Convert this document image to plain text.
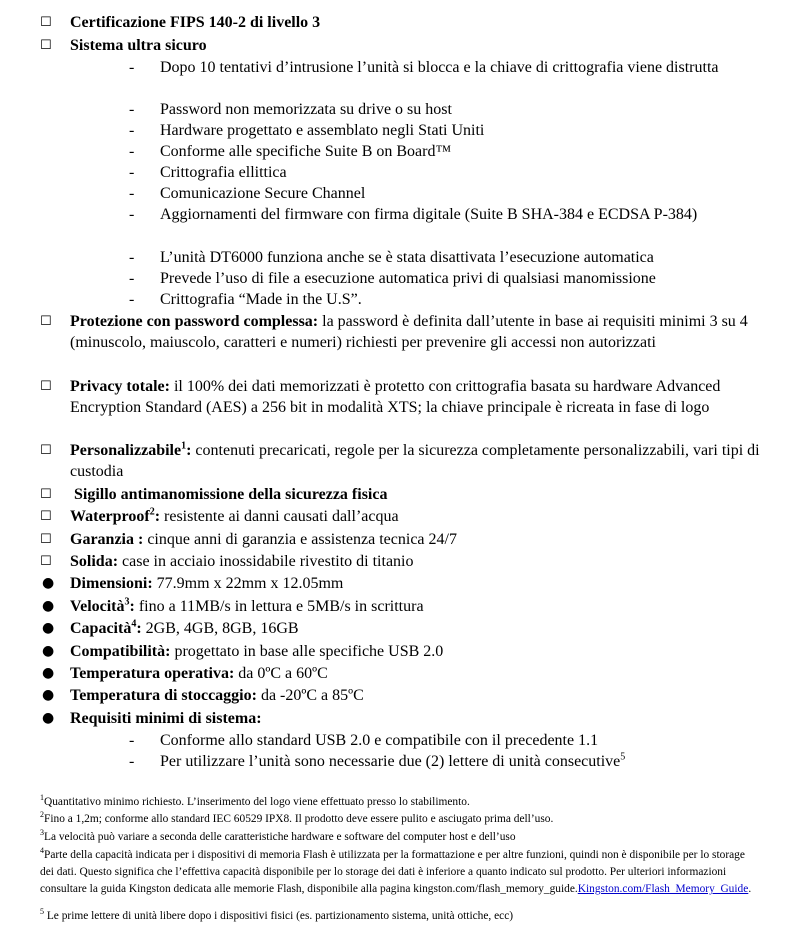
☐ Certificazione FIPS 140-2 di livello 3
☐ Sistema ultra sicuro
- Dopo 10 tentativi d’intrusione l’unità si blocca e la chiave di crittografia viene distrutta
- Password non memorizzata su drive o su host
- Hardware progettato e assemblato negli Stati Uniti
- Conforme alle specifiche Suite B on Board™
- Crittografia ellittica
- Comunicazione Secure Channel
- Aggiornamenti del firmware con firma digitale (Suite B SHA-384 e ECDSA P-384)
- L’unità DT6000 funziona anche se è stata disattivata l’esecuzione automatica
- Prevede l’uso di file a esecuzione automatica privi di qualsiasi manomissione
- Crittografia “Made in the U.S”.
☐ Protezione con password complessa: la password è definita dall’utente in base ai requisiti minimi 3 su 4 (minuscolo, maiuscolo, caratteri e numeri) richiesti per prevenire gli accessi non autorizzati
☐ Privacy totale: il 100% dei dati memorizzati è protetto con crittografia basata su hardware Advanced Encryption Standard (AES) a 256 bit in modalità XTS; la chiave principale è ricreata in fase di logo
☐ Personalizzabile$^1$: contenuti precaricati, regole per la sicurezza completamente personalizzabili, vari tipi di custodia
☐ Sigillo antimanomissione della sicurezza fisica
☐ Waterproof$^2$: resistente ai danni causati dall’acqua
☐ Garanzia : cinque anni di garanzia e assistenza tecnica 24/7
☐ Solida: case in acciaio inossidabile rivestito di titanio
● Dimensioni: 77.9mm x 22mm x 12.05mm
● Velocità$^3$: fino a 11MB/s in lettura e 5MB/s in scrittura
● Capacità$^4$: 2GB, 4GB, 8GB, 16GB
● Compatibilità: progettato in base alle specifiche USB 2.0
● Temperatura operativa: da 0ºC a 60ºC
● Temperatura di stoccaggio: da -20ºC a 85ºC
● Requisiti minimi di sistema:
- Conforme allo standard USB 2.0 e compatibile con il precedente 1.1
- Per utilizzare l’unità sono necessarie due (2) lettere di unità consecutive$^5$
$^1$Quantitativo minimo richiesto. L’inserimento del logo viene effettuato presso lo stabilimento.
$^2$Fino a 1,2m; conforme allo standard IEC 60529 IPX8. Il prodotto deve essere pulito e asciugato prima dell’uso.
$^3$La velocità può variare a seconda delle caratteristiche hardware e software del computer host e dell’uso
$^4$Parte della capacità indicata per i dispositivi di memoria Flash è utilizzata per la formattazione e per altre funzioni, quindi non è disponibile per lo storage dei dati. Questo significa che l’effettiva capacità disponibile per lo storage dei dati è inferiore a quanto indicato sul prodotto. Per ulteriori informazioni consultare la guida Kingston dedicata alle memorie Flash, disponibile alla pagina kingston.com/flash_memory_guide.Kingston.com/Flash_Memory_Guide.
$^5$ Le prime lettere di unità libere dopo i dispositivi fisici (es. partizionamento sistema, unità ottiche, ecc)
